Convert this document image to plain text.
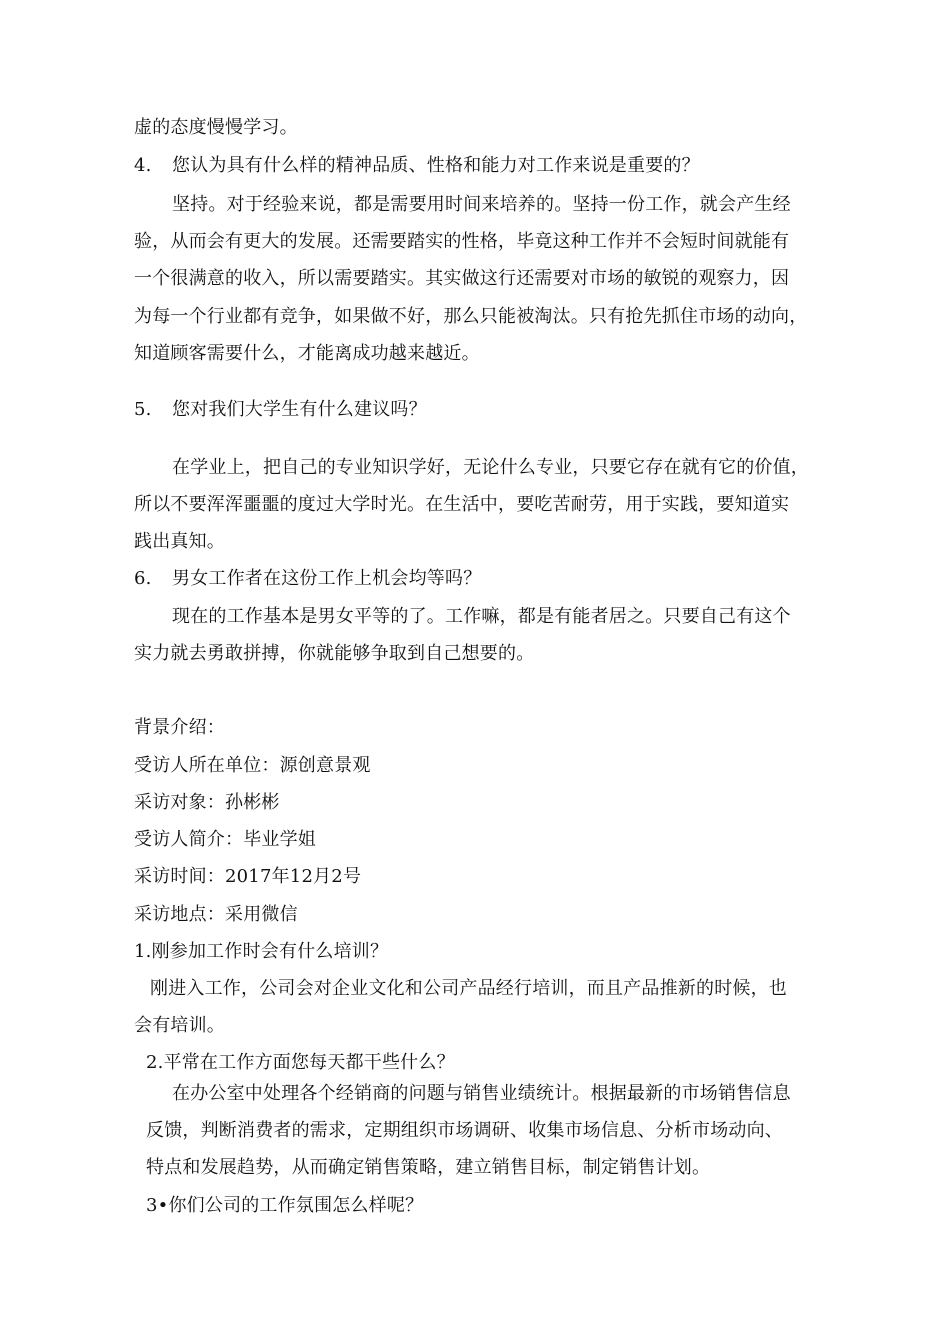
虚的态度慢慢学习。
4. 您认为具有什么样的精神品质、性格和能力对工作来说是重要的？
坚持。对于经验来说，都是需要用时间来培养的。坚持一份工作，就会产生经
验，从而会有更大的发展。还需要踏实的性格，毕竟这种工作并不会短时间就能有
一个很满意的收入，所以需要踏实。其实做这行还需要对市场的敏锐的观察力，因
为每一个行业都有竞争，如果做不好，那么只能被淘汰。只有抢先抓住市场的动向，
知道顾客需要什么，才能离成功越来越近。
5. 您对我们大学生有什么建议吗？
在学业上，把自己的专业知识学好，无论什么专业，只要它存在就有它的价值，
所以不要浑浑噩噩的度过大学时光。在生活中，要吃苦耐劳，用于实践，要知道实
践出真知。
6. 男女工作者在这份工作上机会均等吗？
现在的工作基本是男女平等的了。工作嘛，都是有能者居之。只要自己有这个
实力就去勇敢拼搏，你就能够争取到自己想要的。
背景介绍：
受访人所在单位：源创意景观
采访对象：孙彬彬
受访人简介：毕业学姐
采访时间：2017年12月2号
采访地点：采用微信
1.刚参加工作时会有什么培训？
刚进入工作，公司会对企业文化和公司产品经行培训，而且产品推新的时候，也
会有培训。
2.平常在工作方面您每天都干些什么？
在办公室中处理各个经销商的问题与销售业绩统计。根据最新的市场销售信息
反馈，判断消费者的需求，定期组织市场调研、收集市场信息、分析市场动向、
特点和发展趋势，从而确定销售策略，建立销售目标，制定销售计划。
3•你们公司的工作氛围怎么样呢？
